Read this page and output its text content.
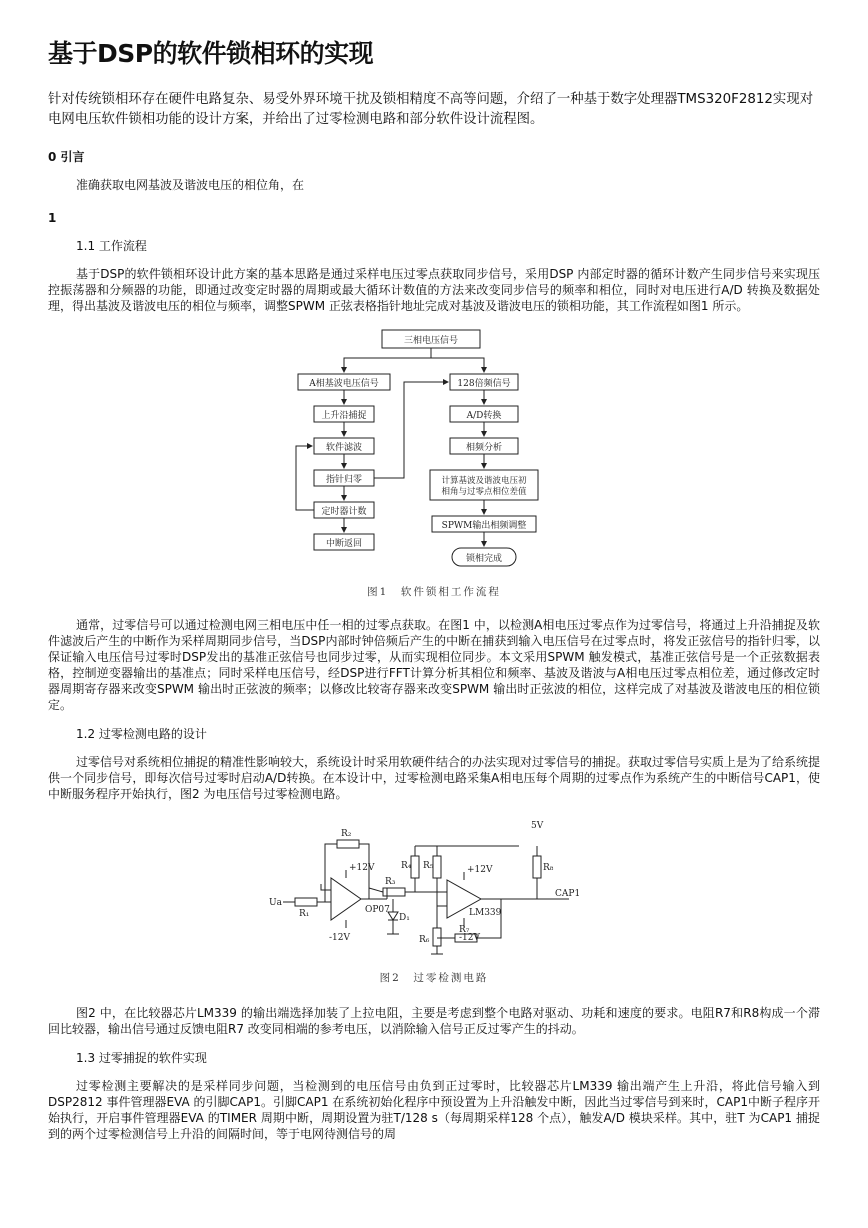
基于DSP的软件锁相环的实现
针对传统锁相环存在硬件电路复杂、易受外界环境干扰及锁相精度不高等问题，介绍了一种基于数字处理器TMS320F2812实现对电网电压软件锁相功能的设计方案，并给出了过零检测电路和部分软件设计流程图。
0 引言

准确获取电网基波及谐波电压的相位角，在

1
1.1 工作流程

基于DSP的软件锁相环设计此方案的基本思路是通过采样电压过零点获取同步信号，采用DSP 内部定时器的循环计数产生同步信号来实现压控振荡器和分频器的功能，即通过改变定时器的周期或最大循环计数值的方法来改变同步信号的频率和相位，同时对电压进行A/D 转换及数据处理，得出基波及谐波电压的相位与频率，调整SPWM 正弦表格指针地址完成对基波及谐波电压的锁相功能，其工作流程如图1 所示。

三相电压信号
A相基波电压信号
上升沿捕捉
软件滤波
指针归零
定时器计数
中断返回
128倍频信号
A/D转换
相频分析
计算基波及谐波电压初
相角与过零点相位差值
SPWM输出相频调整
锁相完成
图1　软件锁相工作流程

通常，过零信号可以通过检测电网三相电压中任一相的过零点获取。在图1 中，以检测A相电压过零点作为过零信号，将通过上升沿捕捉及软件滤波后产生的中断作为采样周期同步信号，当DSP内部时钟倍频后产生的中断在捕获到输入电压信号在过零点时，将发正弦信号的指针归零，以保证输入电压信号过零时DSP发出的基准正弦信号也同步过零，从而实现相位同步。本文采用SPWM 触发模式，基准正弦信号是一个正弦数据表格，控制逆变器输出的基准点；同时采样电压信号，经DSP进行FFT计算分析其相位和频率、基波及谐波与A相电压过零点相位差，通过修改定时器周期寄存器来改变SPWM 输出时正弦波的频率；以修改比较寄存器来改变SPWM 输出时正弦波的相位，这样完成了对基波及谐波电压的相位锁定。

1.2 过零检测电路的设计

过零信号对系统相位捕捉的精准性影响较大，系统设计时采用软硬件结合的办法实现对过零信号的捕捉。获取过零信号实质上是为了给系统提供一个同步信号，即每次信号过零时启动A/D转换。在本设计中，过零检测电路采集A相电压每个周期的过零点作为系统产生的中断信号CAP1，使中断服务程序开始执行，图2 为电压信号过零检测电路。

R₂
+12V
-12V
OP07
Ua
R₁
R₃
D₁
R₄ R₅	+12V
-12V
LM339
5V
R₈
CAP1
R₆
R₇
图2　过零检测电路

图2 中，在比较器芯片LM339 的输出端选择加装了上拉电阻，主要是考虑到整个电路对驱动、功耗和速度的要求。电阻R7和R8构成一个滞回比较器，输出信号通过反馈电阻R7 改变同相端的参考电压，以消除输入信号正反过零产生的抖动。

1.3 过零捕捉的软件实现

过零检测主要解决的是采样同步问题，当检测到的电压信号由负到正过零时，比较器芯片LM339 输出端产生上升沿，将此信号输入到DSP2812 事件管理器EVA 的引脚CAP1。引脚CAP1 在系统初始化程序中预设置为上升沿触发中断，因此当过零信号到来时，CAP1中断子程序开始执行，开启事件管理器EVA 的TIMER 周期中断，周期设置为驻T/128 s（每周期采样128 个点），触发A/D 模块采样。其中，驻T 为CAP1 捕捉到的两个过零检测信号上升沿的间隔时间，等于电网待测信号的周
